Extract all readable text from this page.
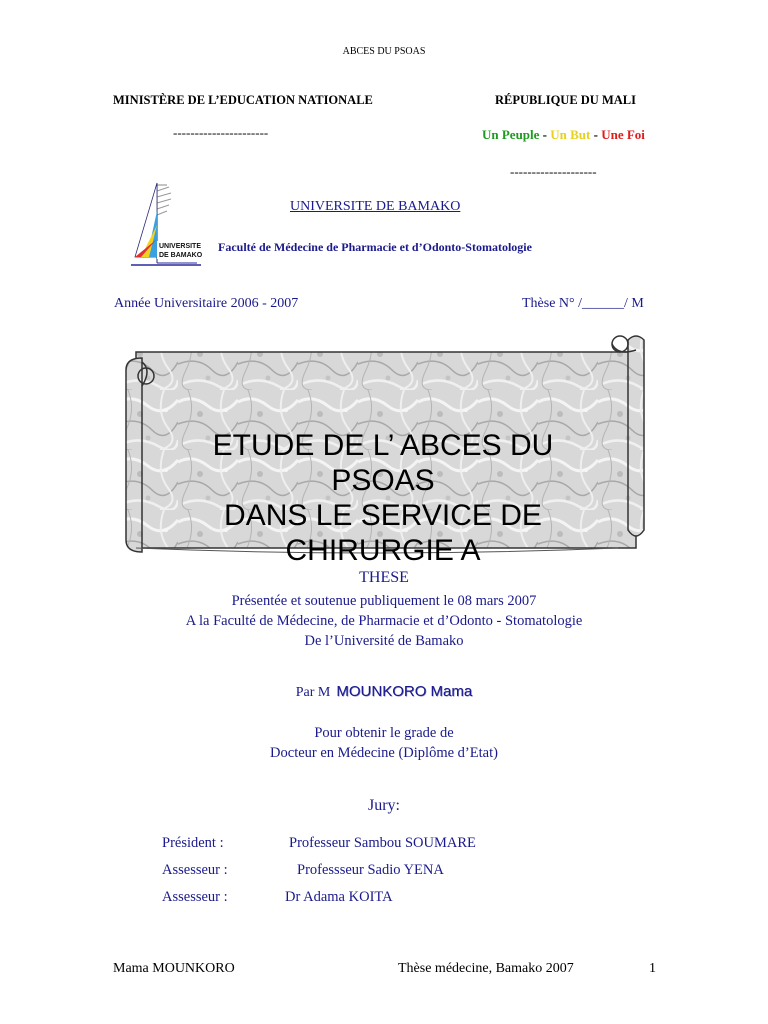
ABCES DU PSOAS
MINISTÈRE DE L’EDUCATION NATIONALE	RÉPUBLIQUE DU MALI
----------------------	Un Peuple - Un But - Une Foi
--------------------
UNIVERSITE
DE BAMAKO
UNIVERSITE DE BAMAKO
Faculté de Médecine de Pharmacie et d’Odonto-Stomatologie
Année Universitaire 2006 - 2007	Thèse N° /______/ M
ETUDE DE L’ ABCES DU PSOAS
DANS LE SERVICE DE
CHIRURGIE A
THESE
Présentée et soutenue publiquement le 08 mars 2007
A la Faculté de Médecine, de Pharmacie et d’Odonto - Stomatologie
De l’Université de Bamako
Par M MOUNKORO Mama
Pour obtenir le grade de
Docteur en Médecine (Diplôme d’Etat)
Jury:
Président :	Professeur Sambou SOUMARE
Assesseur :	Professseur Sadio YENA
Assesseur :	Dr Adama KOITA
Mama MOUNKORO	Thèse médecine, Bamako 2007	1
